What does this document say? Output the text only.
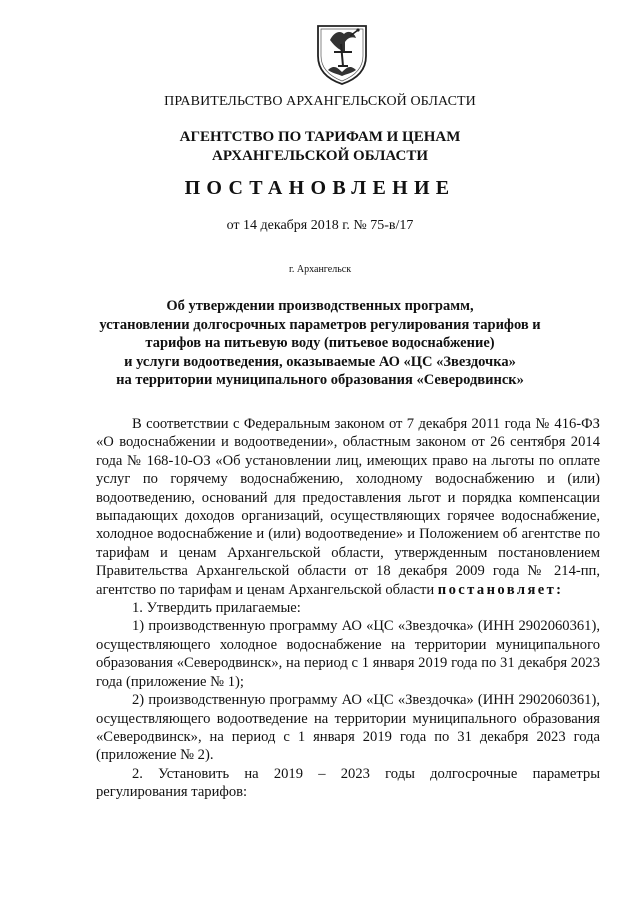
ПРАВИТЕЛЬСТВО АРХАНГЕЛЬСКОЙ ОБЛАСТИ
АГЕНТСТВО ПО ТАРИФАМ И ЦЕНАМ
АРХАНГЕЛЬСКОЙ ОБЛАСТИ
ПОСТАНОВЛЕНИЕ
от 14 декабря 2018 г. № 75-в/17
г. Архангельск
Об утверждении производственных программ,
установлении долгосрочных параметров регулирования тарифов и
тарифов на питьевую воду (питьевое водоснабжение)
и услуги водоотведения, оказываемые АО «ЦС «Звездочка»
на территории муниципального образования «Северодвинск»

В соответствии с Федеральным законом от 7 декабря 2011 года № 416-ФЗ «О водоснабжении и водоотведении», областным законом от 26 сентября 2014 года № 168-10-ОЗ «Об установлении лиц, имеющих право на льготы по оплате услуг по горячему водоснабжению, холодному водоснабжению и (или) водоотведению, оснований для предоставления льгот и порядка компенсации выпадающих доходов организаций, осуществляющих горячее водоснабжение, холодное водоснабжение и (или) водоотведение» и Положением об агентстве по тарифам и ценам Архангельской области, утвержденным постановлением Правительства Архангельской области от 18 декабря 2009 года № 214-пп, агентство по тарифам и ценам Архангельской области постановляет:

1. Утвердить прилагаемые:

1) производственную программу АО «ЦС «Звездочка» (ИНН 2902060361), осуществляющего холодное водоснабжение на территории муниципального образования «Северодвинск», на период с 1 января 2019 года по 31 декабря 2023 года (приложение № 1);

2) производственную программу АО «ЦС «Звездочка» (ИНН 2902060361), осуществляющего водоотведение на территории муниципального образования «Северодвинск», на период с 1 января 2019 года по 31 декабря 2023 года (приложение № 2).

2. Установить на 2019 – 2023 годы долгосрочные параметры регулирования тарифов:
